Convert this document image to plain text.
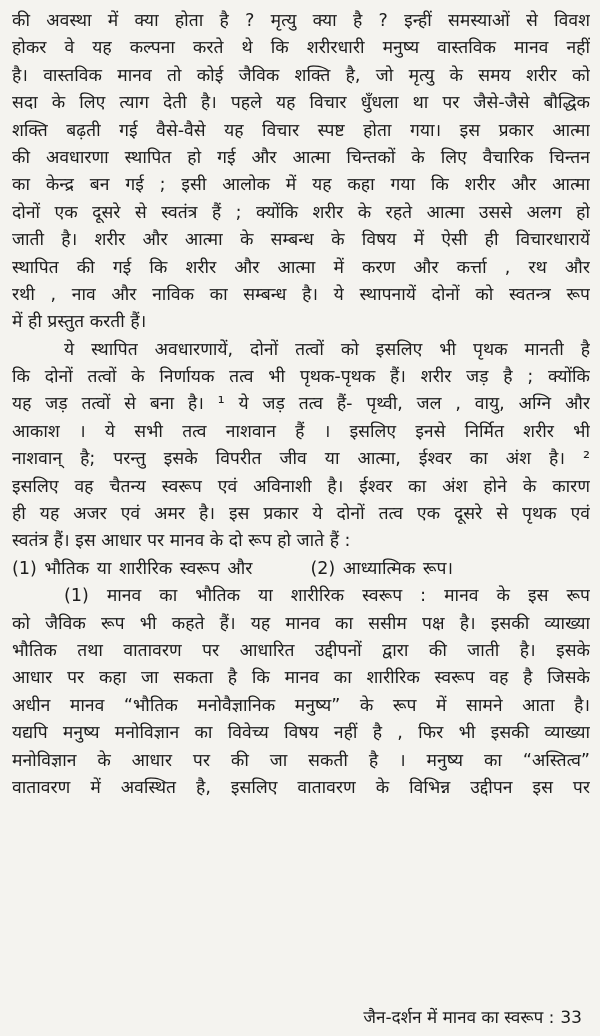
की अवस्था में क्या होता है ? मृत्यु क्या है ? इन्हीं समस्याओं से विवश
होकर वे यह कल्पना करते थे कि शरीरधारी मनुष्य वास्तविक मानव नहीं
है। वास्तविक मानव तो कोई जैविक शक्ति है, जो मृत्यु के समय शरीर को
सदा के लिए त्याग देती है। पहले यह विचार धुँधला था पर जैसे-जैसे बौद्धिक
शक्ति बढ़ती गई वैसे-वैसे यह विचार स्पष्ट होता गया। इस प्रकार आत्मा
की अवधारणा स्थापित हो गई और आत्मा चिन्तकों के लिए वैचारिक चिन्तन
का केन्द्र बन गई ; इसी आलोक में यह कहा गया कि शरीर और आत्मा
दोनों एक दूसरे से स्वतंत्र हैं ; क्योंकि शरीर के रहते आत्मा उससे अलग हो
जाती है। शरीर और आत्मा के सम्बन्ध के विषय में ऐसी ही विचारधारायें
स्थापित की गई कि शरीर और आत्मा में करण और कर्त्ता , रथ और
रथी , नाव और नाविक का सम्बन्ध है। ये स्थापनायें दोनों को स्वतन्त्र रूप
में ही प्रस्तुत करती हैं।
ये स्थापित अवधारणायें, दोनों तत्वों को इसलिए भी पृथक मानती है
कि दोनों तत्वों के निर्णायक तत्व भी पृथक-पृथक हैं। शरीर जड़ है ; क्योंकि
यह जड़ तत्वों से बना है। ¹ ये जड़ तत्व हैं- पृथ्वी, जल , वायु, अग्नि और
आकाश । ये सभी तत्व नाशवान हैं । इसलिए इनसे निर्मित शरीर भी
नाशवान् है; परन्तु इसके विपरीत जीव या आत्मा, ईश्वर का अंश है। ²
इसलिए वह चैतन्य स्वरूप एवं अविनाशी है। ईश्वर का अंश होने के कारण
ही यह अजर एवं अमर है। इस प्रकार ये दोनों तत्व एक दूसरे से पृथक एवं
स्वतंत्र हैं। इस आधार पर मानव के दो रूप हो जाते हैं :
(1) भौतिक या शारीरिक स्वरूप और	(2) आध्यात्मिक रूप।
(1) मानव का भौतिक या शारीरिक स्वरूप : मानव के इस रूप
को जैविक रूप भी कहते हैं। यह मानव का ससीम पक्ष है। इसकी व्याख्या
भौतिक तथा वातावरण पर आधारित उद्दीपनों द्वारा की जाती है। इसके
आधार पर कहा जा सकता है कि मानव का शारीरिक स्वरूप वह है जिसके
अधीन मानव “भौतिक मनोवैज्ञानिक मनुष्य” के रूप में सामने आता है।
यद्यपि मनुष्य मनोविज्ञान का विवेच्य विषय नहीं है , फिर भी इसकी व्याख्या
मनोविज्ञान के आधार पर की जा सकती है । मनुष्य का “अस्तित्व”
वातावरण में अवस्थित है, इसलिए वातावरण के विभिन्न उद्दीपन इस पर
जैन-दर्शन में मानव का स्वरूप : 33
